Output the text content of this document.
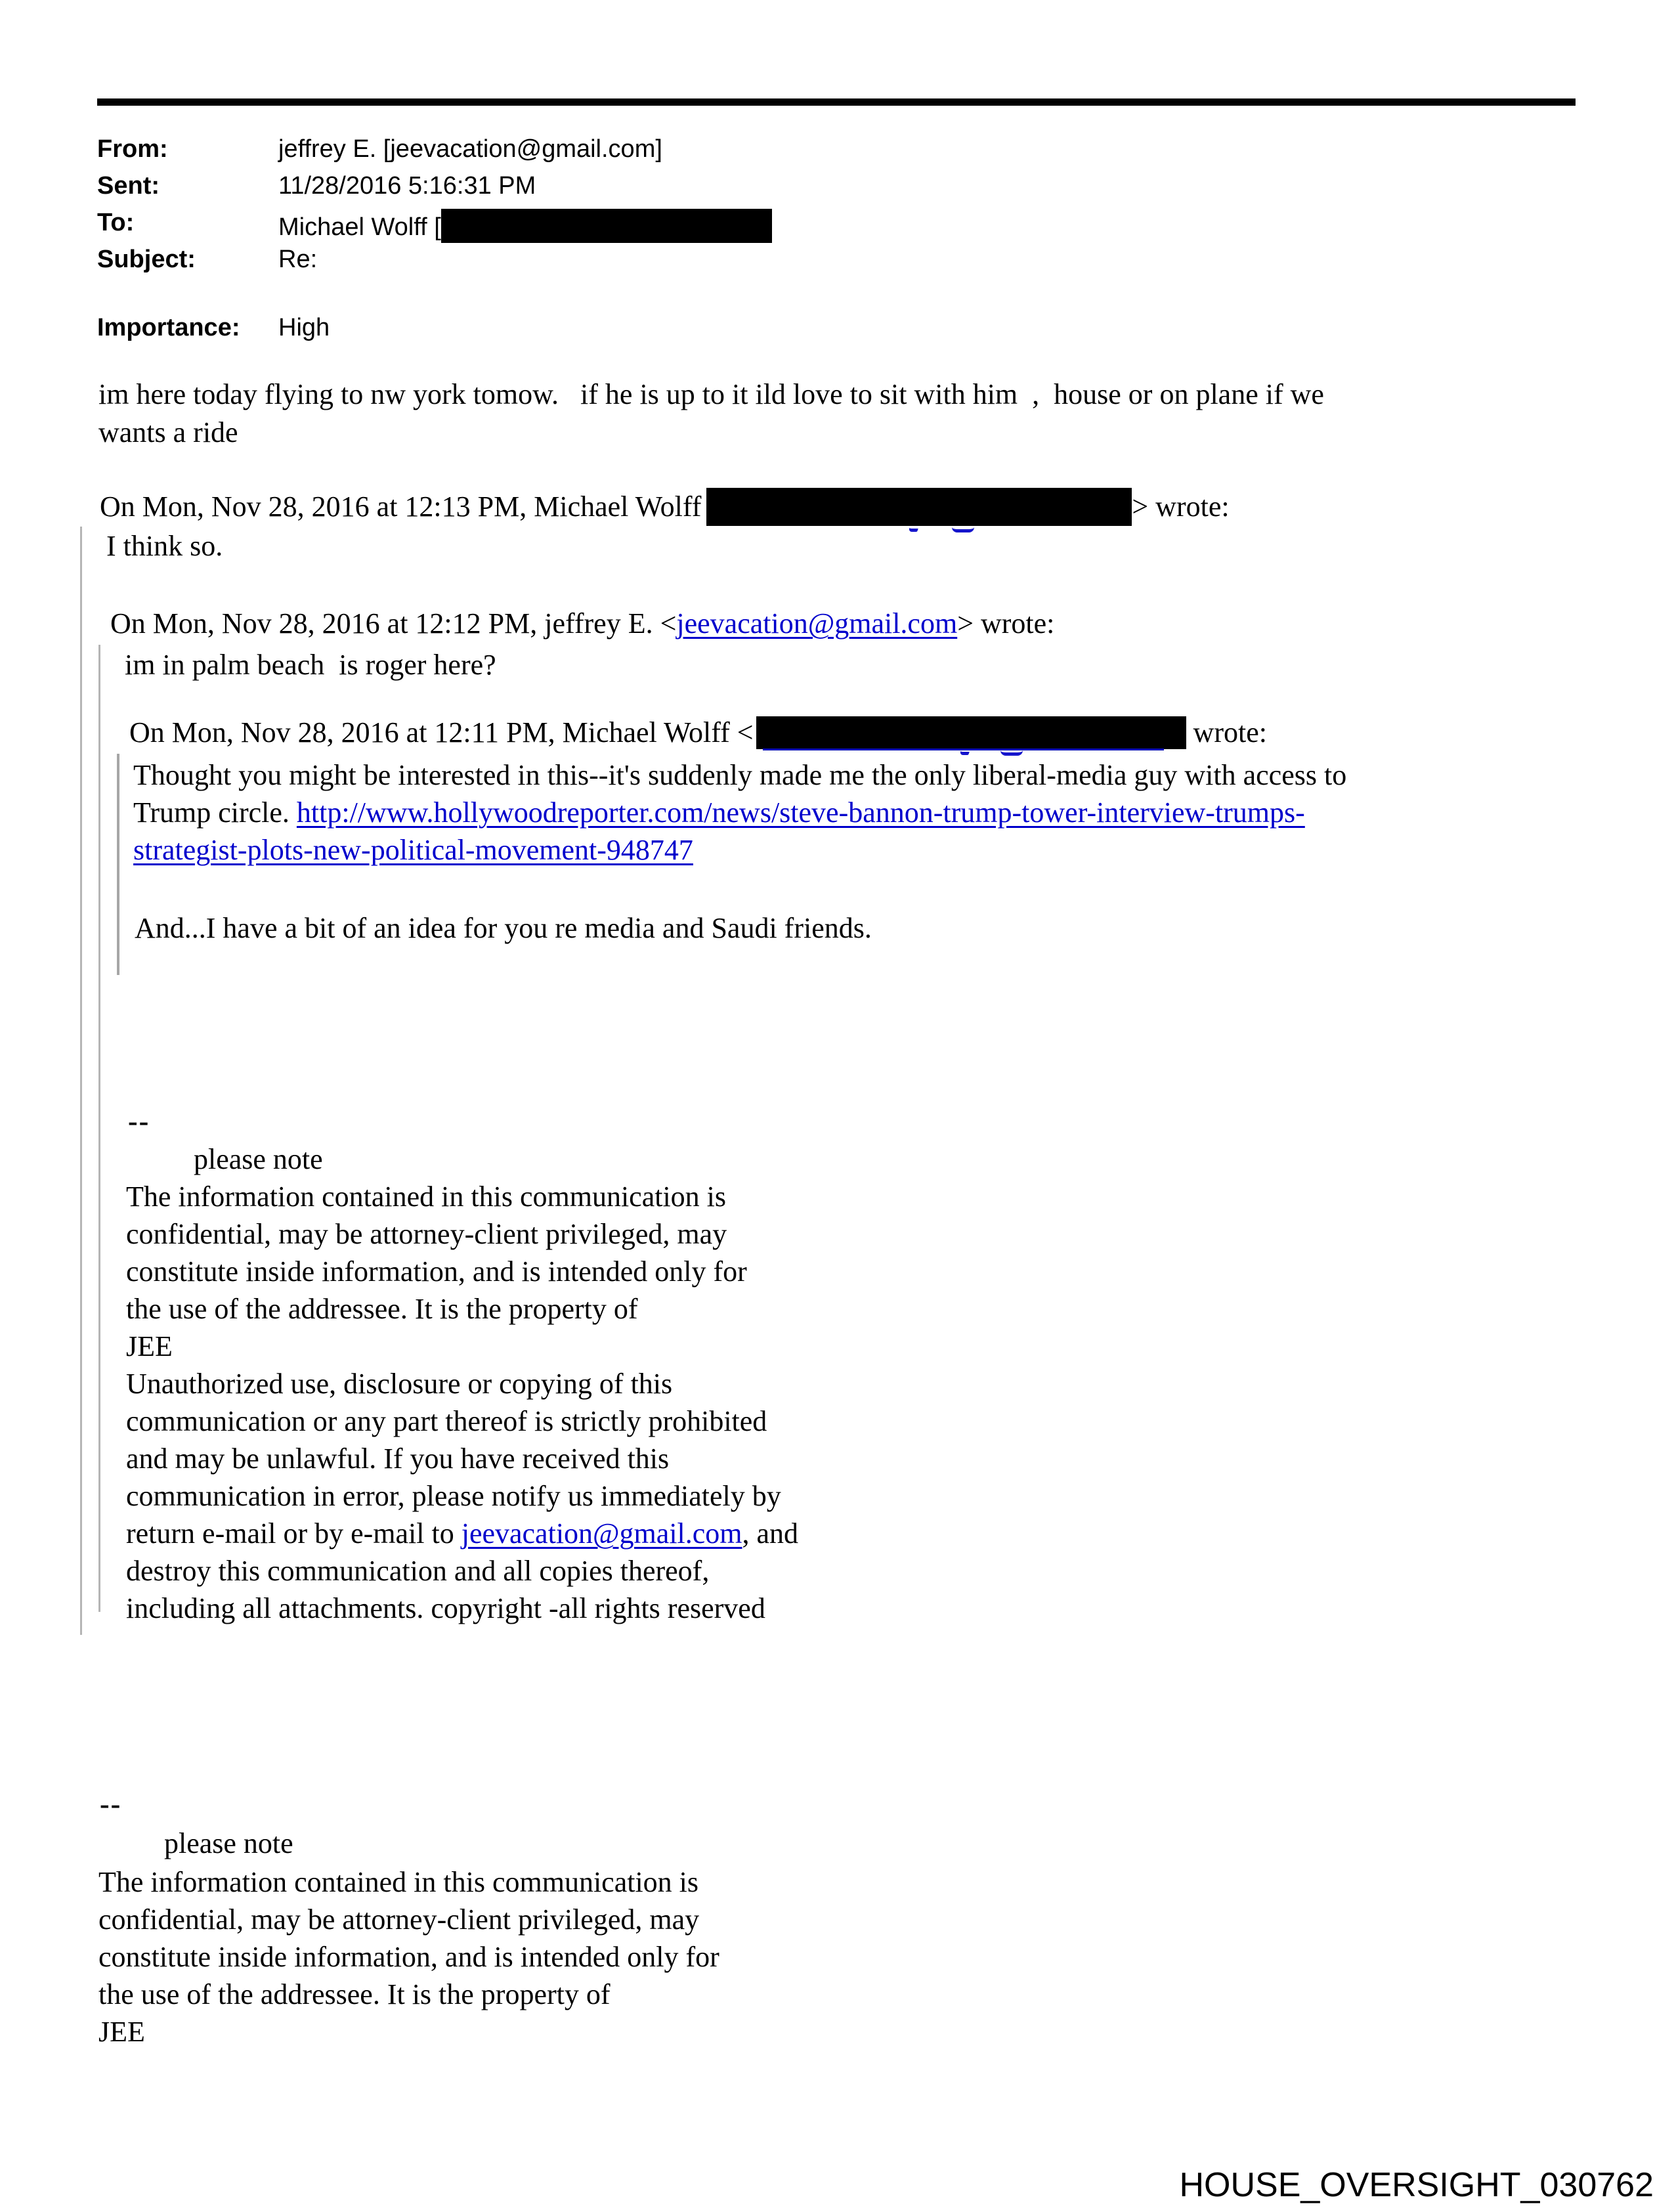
From:	jeffrey E. [jeevacation@gmail.com]
Sent:	11/28/2016 5:16:31 PM
To:	Michael Wolff [
Subject:	Re:
Importance: High
im here today flying to nw york tomow.   if he is up to it ild love to sit with him  ,  house or on plane if we
wants a ride
On Mon, Nov 28, 2016 at 12:13 PM, Michael Wolff	> wrote:
I think so.
On Mon, Nov 28, 2016 at 12:12 PM, jeffrey E. <jeevacation@gmail.com> wrote:
im in palm beach  is roger here?
On Mon, Nov 28, 2016 at 12:11 PM, Michael Wolff <	wrote:
Thought you might be interested in this--it's suddenly made me the only liberal-media guy with access to
Trump circle. http://www.hollywoodreporter.com/news/steve-bannon-trump-tower-interview-trumps-
strategist-plots-new-political-movement-948747
And...I have a bit of an idea for you re media and Saudi friends.
--
please note
The information contained in this communication is
confidential, may be attorney-client privileged, may
constitute inside information, and is intended only for
the use of the addressee. It is the property of
JEE
Unauthorized use, disclosure or copying of this
communication or any part thereof is strictly prohibited
and may be unlawful. If you have received this
communication in error, please notify us immediately by
return e-mail or by e-mail to jeevacation@gmail.com, and
destroy this communication and all copies thereof,
including all attachments. copyright -all rights reserved
--
please note
The information contained in this communication is
confidential, may be attorney-client privileged, may
constitute inside information, and is intended only for
the use of the addressee. It is the property of
JEE
HOUSE_OVERSIGHT_030762
